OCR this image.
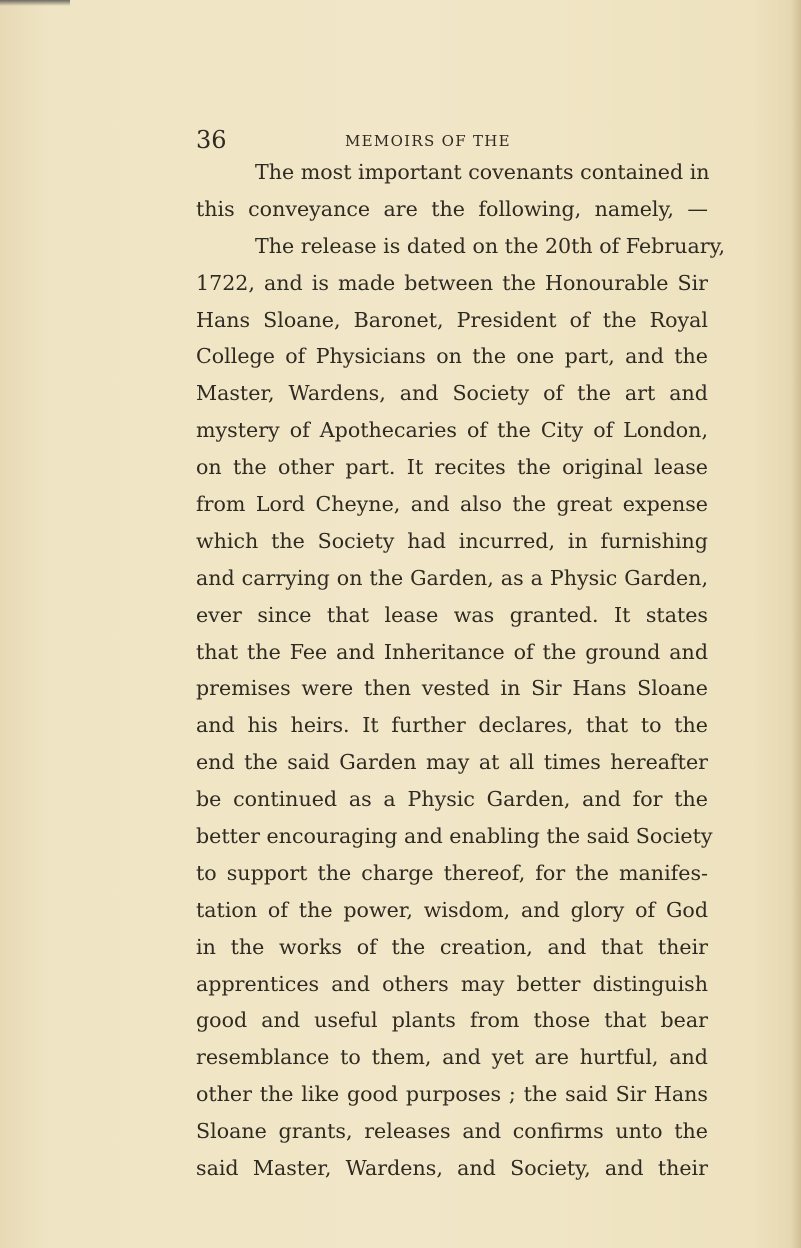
36	MEMOIRS OF THE
The most important covenants contained in
this conveyance are the following, namely, —
The release is dated on the 20th of February,
1722, and is made between the Honourable Sir
Hans Sloane, Baronet, President of the Royal
College of Physicians on the one part, and the
Master, Wardens, and Society of the art and
mystery of Apothecaries of the City of London,
on the other part. It recites the original lease
from Lord Cheyne, and also the great expense
which the Society had incurred, in furnishing
and carrying on the Garden, as a Physic Garden,
ever since that lease was granted. It states
that the Fee and Inheritance of the ground and
premises were then vested in Sir Hans Sloane
and his heirs. It further declares, that to the
end the said Garden may at all times hereafter
be continued as a Physic Garden, and for the
better encouraging and enabling the said Society
to support the charge thereof, for the manifes-
tation of the power, wisdom, and glory of God
in the works of the creation, and that their
apprentices and others may better distinguish
good and useful plants from those that bear
resemblance to them, and yet are hurtful, and
other the like good purposes ; the said Sir Hans
Sloane grants, releases and confirms unto the
said Master, Wardens, and Society, and their
